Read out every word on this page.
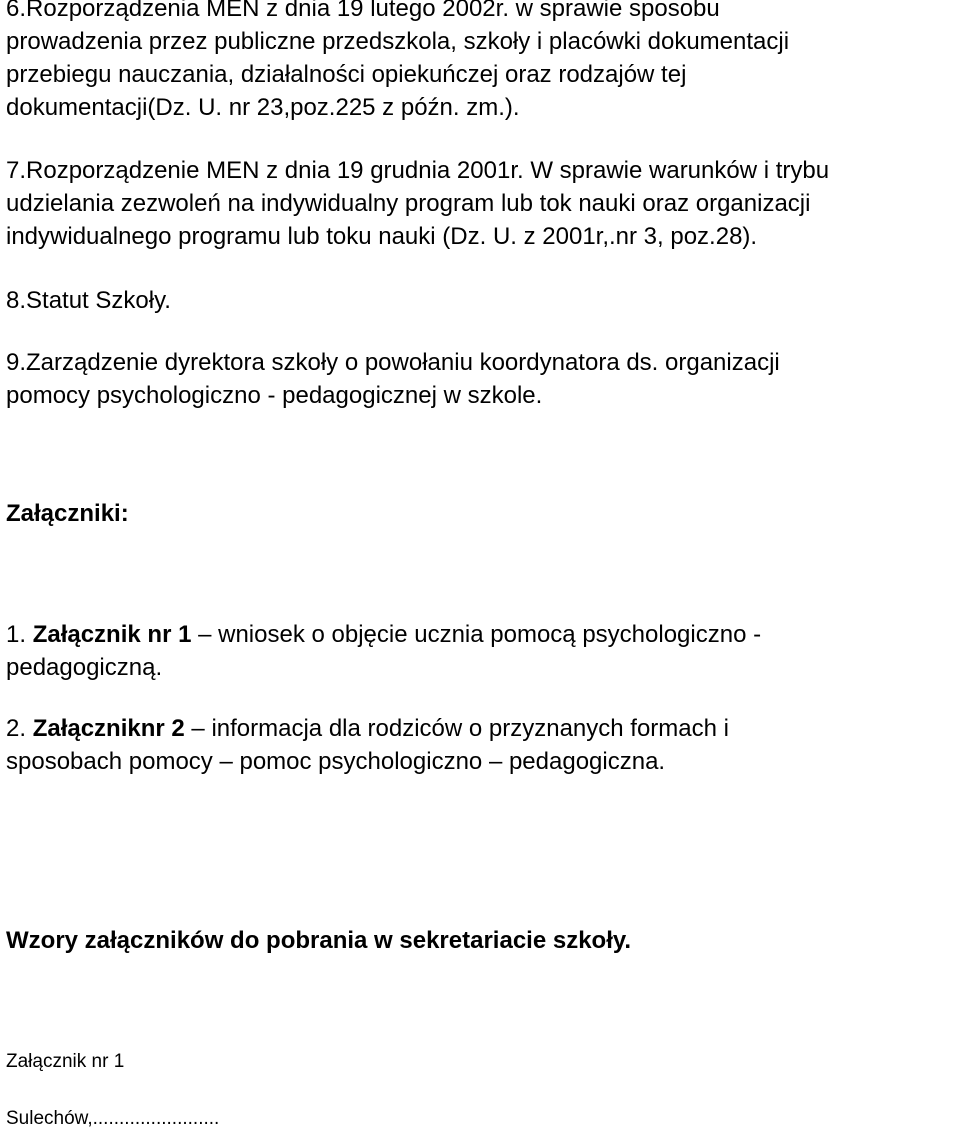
6.Rozporządzenia MEN z dnia 19 lutego 2002r. w sprawie sposobu
prowadzenia przez publiczne przedszkola, szkoły i placówki dokumentacji
przebiegu nauczania, działalności opiekuńczej oraz rodzajów tej
dokumentacji(Dz. U. nr 23,poz.225 z późn. zm.).
7.Rozporządzenie MEN z dnia 19 grudnia 2001r. W sprawie warunków i trybu
udzielania zezwoleń na indywidualny program lub tok nauki oraz organizacji
indywidualnego programu lub toku nauki (Dz. U. z 2001r,.nr 3, poz.28).
8.Statut Szkoły.
9.Zarządzenie dyrektora szkoły o powołaniu koordynatora ds. organizacji
pomocy psychologiczno - pedagogicznej w szkole.
Załączniki:
1. Załącznik nr 1 – wniosek o objęcie ucznia pomocą psychologiczno -
pedagogiczną.
2. Załączniknr 2 – informacja dla rodziców o przyznanych formach i
sposobach pomocy – pomoc psychologiczno – pedagogiczna.
Wzory załączników do pobrania w sekretariacie szkoły.
Załącznik nr 1
Sulechów,........................
